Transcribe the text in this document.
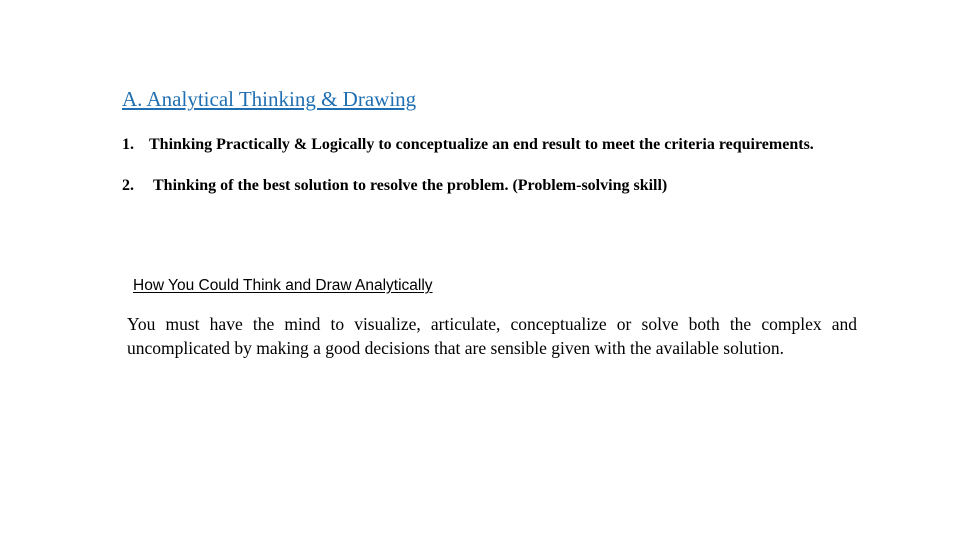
A. Analytical Thinking & Drawing
1. Thinking Practically & Logically to conceptualize an end result to meet the criteria requirements.
2. Thinking of the best solution to resolve the problem. (Problem-solving skill)
How You Could Think and Draw Analytically

You must have the mind to visualize, articulate, conceptualize or solve both the complex and uncomplicated by making a good decisions that are sensible given with the available solution.
